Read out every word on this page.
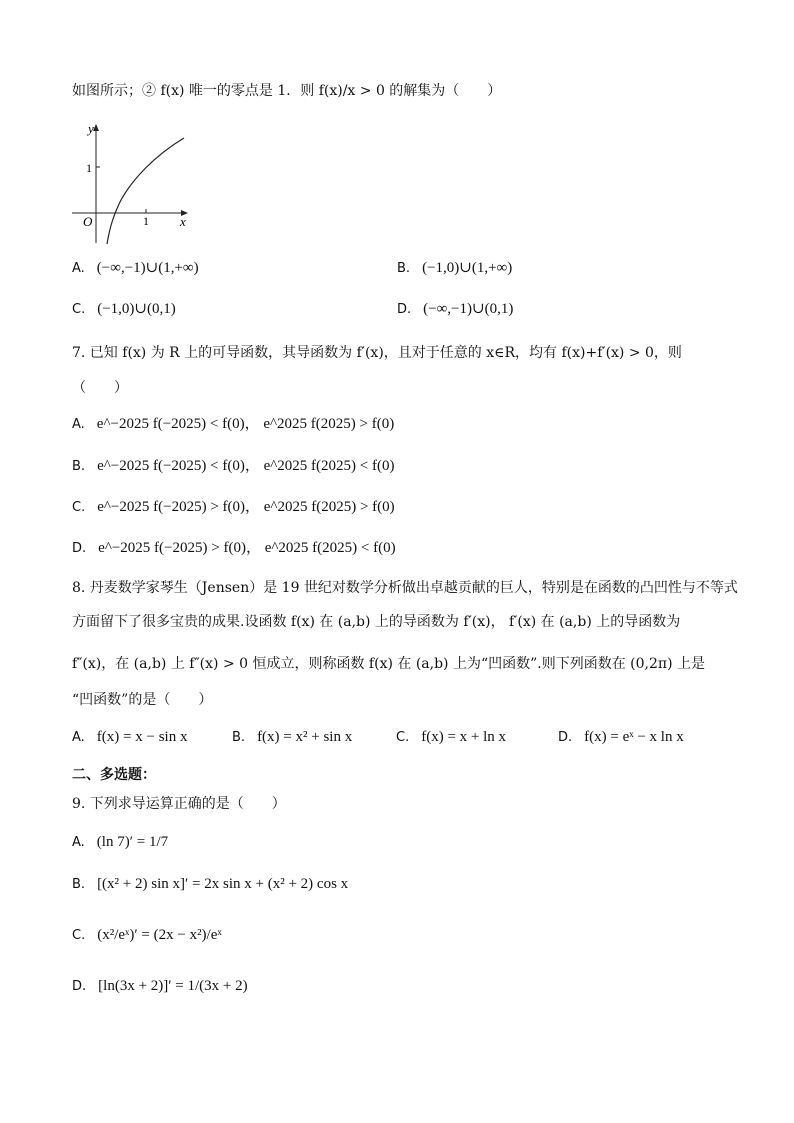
如图所示；② f(x) 唯一的零点是 1．则 f(x)/x > 0 的解集为（　　）
y
x
O	1
1
A. (−∞,−1)∪(1,+∞)	B. (−1,0)∪(1,+∞)
C. (−1,0)∪(0,1)	D. (−∞,−1)∪(0,1)
7. 已知 f(x) 为 R 上的可导函数，其导函数为 f′(x)，且对于任意的 x∈R，均有 f(x)+f′(x) > 0，则
（　　）
A. e^−2025 f(−2025) < f(0)， e^2025 f(2025) > f(0)
B. e^−2025 f(−2025) < f(0)， e^2025 f(2025) < f(0)
C. e^−2025 f(−2025) > f(0)， e^2025 f(2025) > f(0)
D. e^−2025 f(−2025) > f(0)， e^2025 f(2025) < f(0)
8. 丹麦数学家琴生（Jensen）是 19 世纪对数学分析做出卓越贡献的巨人，特别是在函数的凸凹性与不等式
方面留下了很多宝贵的成果.设函数 f(x) 在 (a,b) 上的导函数为 f′(x)， f′(x) 在 (a,b) 上的导函数为
f″(x)，在 (a,b) 上 f″(x) > 0 恒成立，则称函数 f(x) 在 (a,b) 上为“凹函数”.则下列函数在 (0,2π) 上是
“凹函数”的是（　　）
A. f(x) = x − sin x	B. f(x) = x² + sin x	C. f(x) = x + ln x	D. f(x) = eˣ − x ln x
二、多选题：
9. 下列求导运算正确的是（　　）
A. (ln 7)′ = 1/7
B. [(x² + 2) sin x]′ = 2x sin x + (x² + 2) cos x
C. (x²/eˣ)′ = (2x − x²)/eˣ
D. [ln(3x + 2)]′ = 1/(3x + 2)
